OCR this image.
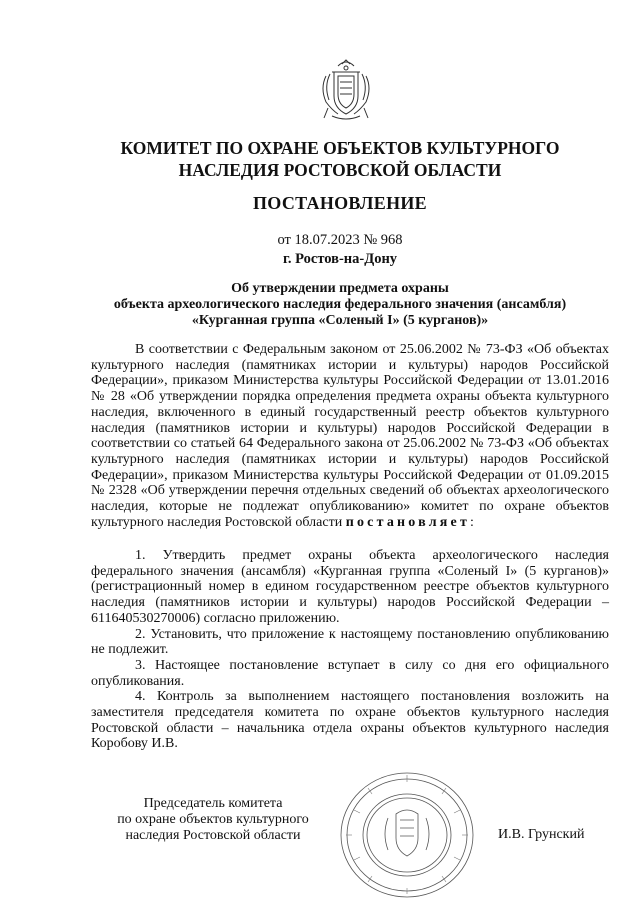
КОМИТЕТ ПО ОХРАНЕ ОБЪЕКТОВ КУЛЬТУРНОГО
НАСЛЕДИЯ РОСТОВСКОЙ ОБЛАСТИ
ПОСТАНОВЛЕНИЕ
от 18.07.2023 № 968
г. Ростов-на-Дону
Об утверждении предмета охраны
объекта археологического наследия федерального значения (ансамбля)
«Курганная группа «Соленый I» (5 курганов)»

В соответствии с Федеральным законом от 25.06.2002 № 73-ФЗ «Об объектах культурного наследия (памятниках истории и культуры) народов Российской Федерации», приказом Министерства культуры Российской Федерации от 13.01.2016 № 28 «Об утверждении порядка определения предмета охраны объекта культурного наследия, включенного в единый государственный реестр объектов культурного наследия (памятников истории и культуры) народов Российской Федерации в соответствии со статьей 64 Федерального закона от 25.06.2002 № 73-ФЗ «Об объектах культурного наследия (памятниках истории и культуры) народов Российской Федерации», приказом Министерства культуры Российской Федерации от 01.09.2015 № 2328 «Об утверждении перечня отдельных сведений об объектах археологического наследия, которые не подлежат опубликованию» комитет по охране объектов культурного наследия Ростовской области постановляет:

1. Утвердить предмет охраны объекта археологического наследия федерального значения (ансамбля) «Курганная группа «Соленый I» (5 курганов)» (регистрационный номер в едином государственном реестре объектов культурного наследия (памятников истории и культуры) народов Российской Федерации – 611640530270006) согласно приложению.

2. Установить, что приложение к настоящему постановлению опубликованию не подлежит.

3. Настоящее постановление вступает в силу со дня его официального опубликования.

4. Контроль за выполнением настоящего постановления возложить на заместителя председателя комитета по охране объектов культурного наследия Ростовской области – начальника отдела охраны объектов культурного наследия Коробову И.В.

Председатель комитета
по охране объектов культурного
наследия Ростовской области	И.В. Грунский
